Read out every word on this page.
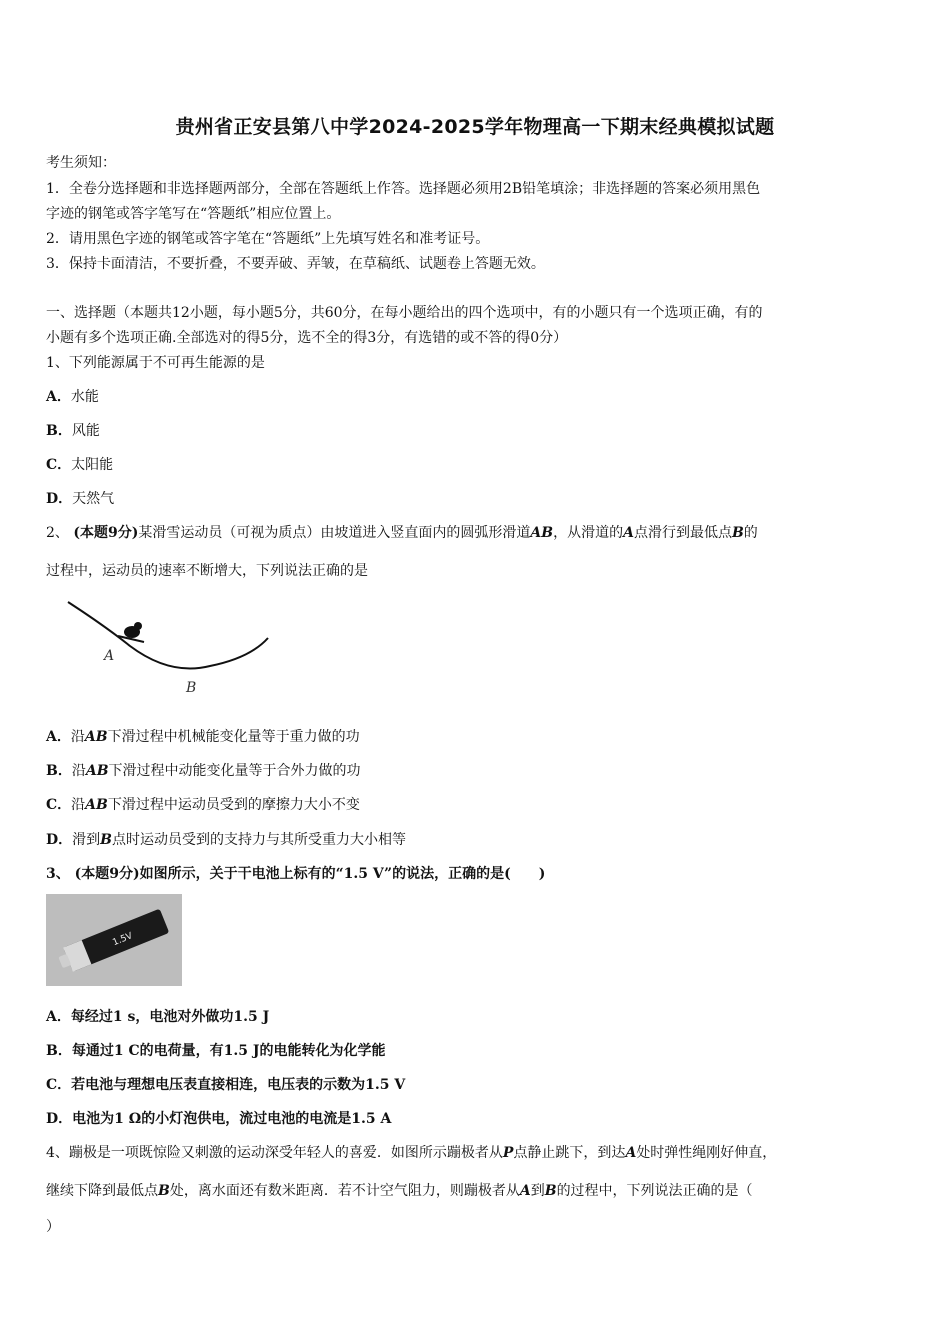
贵州省正安县第八中学2024-2025学年物理高一下期末经典模拟试题
考生须知：
1．全卷分选择题和非选择题两部分，全部在答题纸上作答。选择题必须用2B铅笔填涂；非选择题的答案必须用黑色
字迹的钢笔或答字笔写在“答题纸”相应位置上。
2．请用黑色字迹的钢笔或答字笔在“答题纸”上先填写姓名和准考证号。
3．保持卡面清洁，不要折叠，不要弄破、弄皱，在草稿纸、试题卷上答题无效。
一、选择题（本题共12小题，每小题5分，共60分，在每小题给出的四个选项中，有的小题只有一个选项正确，有的
小题有多个选项正确.全部选对的得5分，选不全的得3分，有选错的或不答的得0分）
1、下列能源属于不可再生能源的是
A．水能
B．风能
C．太阳能
D．天然气
2、 (本题9分)某滑雪运动员（可视为质点）由坡道进入竖直面内的圆弧形滑道AB，从滑道的A点滑行到最低点B的
过程中，运动员的速率不断增大，下列说法正确的是
A
B
A．沿AB下滑过程中机械能变化量等于重力做的功
B．沿AB下滑过程中动能变化量等于合外力做的功
C．沿AB下滑过程中运动员受到的摩擦力大小不变
D．滑到B点时运动员受到的支持力与其所受重力大小相等
3、 (本题9分)如图所示，关于干电池上标有的“1.5 V”的说法，正确的是(　　)
1.5V
A．每经过1 s，电池对外做功1.5 J
B．每通过1 C的电荷量，有1.5 J的电能转化为化学能
C．若电池与理想电压表直接相连，电压表的示数为1.5 V
D．电池为1 Ω的小灯泡供电，流过电池的电流是1.5 A
4、蹦极是一项既惊险又刺激的运动深受年轻人的喜爱．如图所示蹦极者从P点静止跳下，到达A处时弹性绳刚好伸直，
继续下降到最低点B处，离水面还有数米距离．若不计空气阻力，则蹦极者从A到B的过程中，下列说法正确的是（
）
